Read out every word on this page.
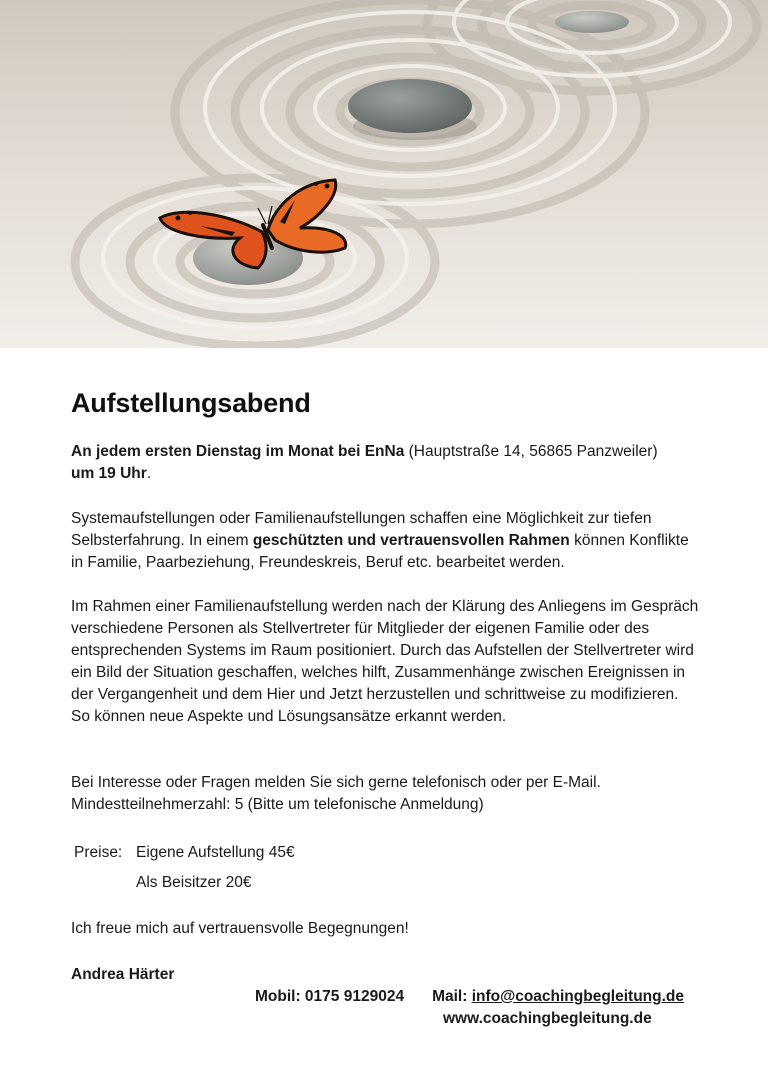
Aufstellungsabend

An jedem ersten Dienstag im Monat bei EnNa (Hauptstraße 14, 56865 Panzweiler)
um 19 Uhr.

Systemaufstellungen oder Familienaufstellungen schaffen eine Möglichkeit zur tiefen Selbsterfahrung. In einem geschützten und vertrauensvollen Rahmen können Konflikte in Familie, Paarbeziehung, Freundeskreis, Beruf etc. bearbeitet werden.

Im Rahmen einer Familienaufstellung werden nach der Klärung des Anliegens im Gespräch verschiedene Personen als Stellvertreter für Mitglieder der eigenen Familie oder des entsprechenden Systems im Raum positioniert. Durch das Aufstellen der Stellvertreter wird ein Bild der Situation geschaffen, welches hilft, Zusammenhänge zwischen Ereignissen in der Vergangenheit und dem Hier und Jetzt herzustellen und schrittweise zu modifizieren. So können neue Aspekte und Lösungsansätze erkannt werden.

Bei Interesse oder Fragen melden Sie sich gerne telefonisch oder per E-Mail.
Mindestteilnehmerzahl: 5 (Bitte um telefonische Anmeldung)

Preise: Eigene Aufstellung 45€
Als Beisitzer 20€

Ich freue mich auf vertrauensvolle Begegnungen!

Andrea Härter

Mobil: 0175 9129024 Mail: info@coachingbegleitung.de
www.coachingbegleitung.de
